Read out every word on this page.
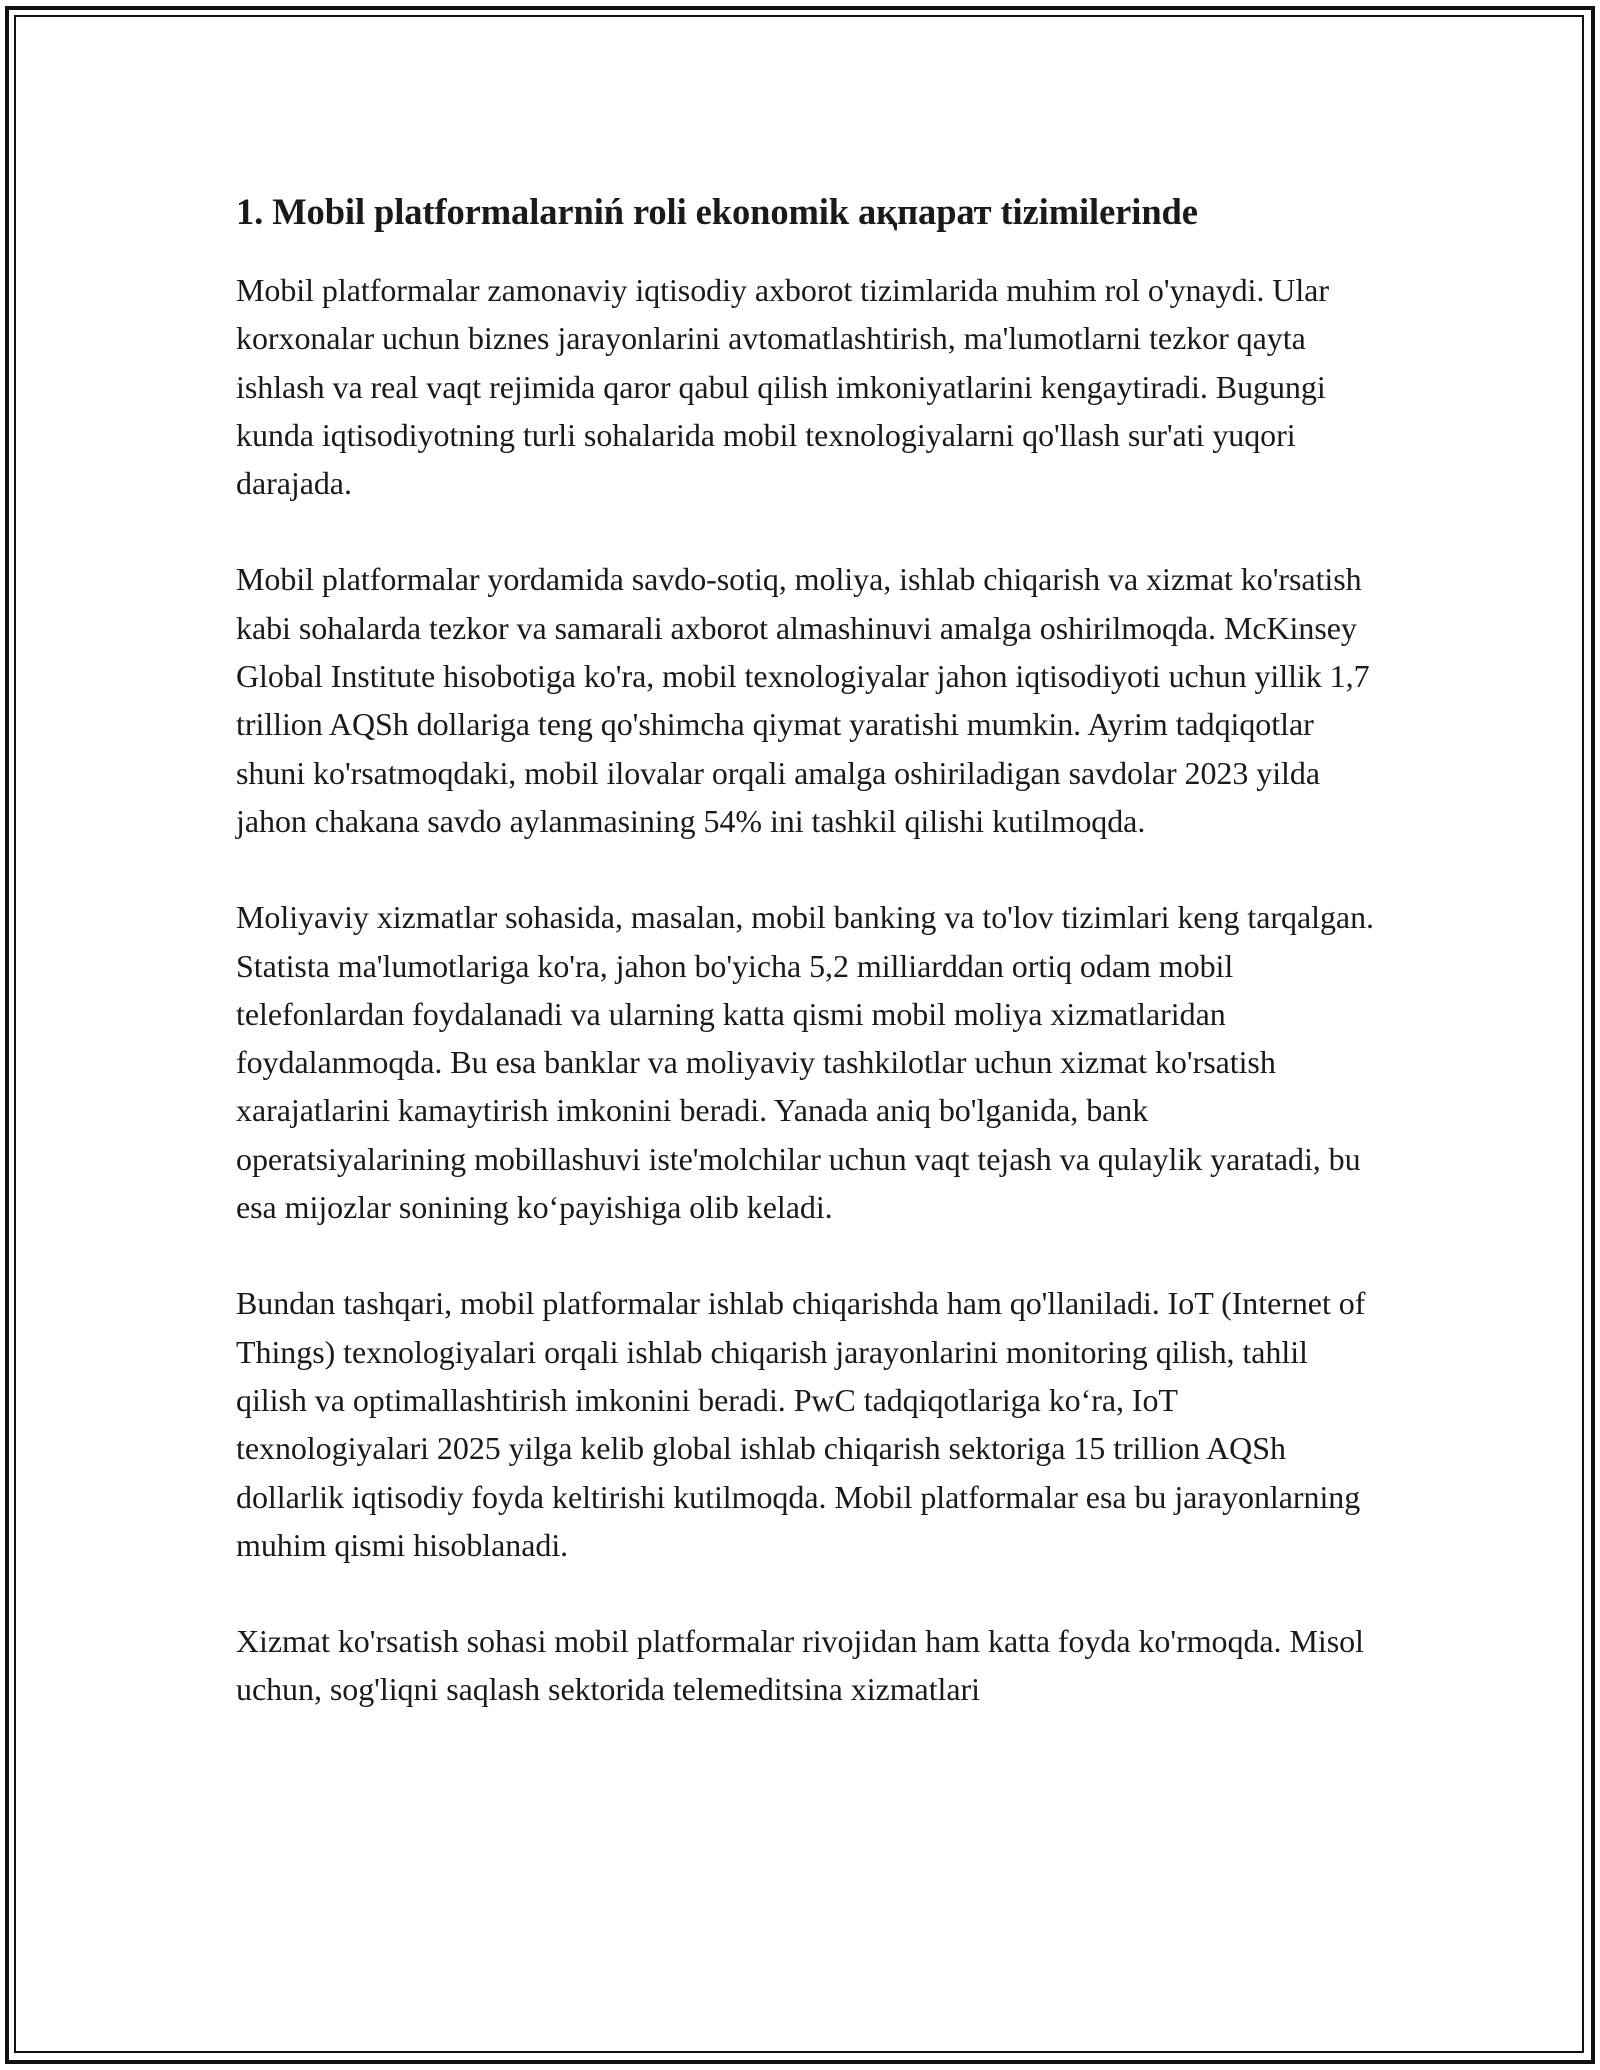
1. Mobil platformalarniń roli ekonomik aқпарат tizimilerinde

Mobil platformalar zamonaviy iqtisodiy axborot tizimlarida muhim rol o'ynaydi. Ular korxonalar uchun biznes jarayonlarini avtomatlashtirish, ma'lumotlarni tezkor qayta ishlash va real vaqt rejimida qaror qabul qilish imkoniyatlarini kengaytiradi. Bugungi kunda iqtisodiyotning turli sohalarida mobil texnologiyalarni qo'llash sur'ati yuqori darajada.

Mobil platformalar yordamida savdo-sotiq, moliya, ishlab chiqarish va xizmat ko'rsatish kabi sohalarda tezkor va samarali axborot almashinuvi amalga oshirilmoqda. McKinsey Global Institute hisobotiga ko'ra, mobil texnologiyalar jahon iqtisodiyoti uchun yillik 1,7 trillion AQSh dollariga teng qo'shimcha qiymat yaratishi mumkin. Ayrim tadqiqotlar shuni ko'rsatmoqdaki, mobil ilovalar orqali amalga oshiriladigan savdolar 2023 yilda jahon chakana savdo aylanmasining 54% ini tashkil qilishi kutilmoqda.

Moliyaviy xizmatlar sohasida, masalan, mobil banking va to'lov tizimlari keng tarqalgan. Statista ma'lumotlariga ko'ra, jahon bo'yicha 5,2 milliarddan ortiq odam mobil telefonlardan foydalanadi va ularning katta qismi mobil moliya xizmatlaridan foydalanmoqda. Bu esa banklar va moliyaviy tashkilotlar uchun xizmat ko'rsatish xarajatlarini kamaytirish imkonini beradi. Yanada aniq bo'lganida, bank operatsiyalarining mobillashuvi iste'molchilar uchun vaqt tejash va qulaylik yaratadi, bu esa mijozlar sonining ko‘payishiga olib keladi.

Bundan tashqari, mobil platformalar ishlab chiqarishda ham qo'llaniladi. IoT (Internet of Things) texnologiyalari orqali ishlab chiqarish jarayonlarini monitoring qilish, tahlil qilish va optimallashtirish imkonini beradi. PwC tadqiqotlariga ko‘ra, IoT texnologiyalari 2025 yilga kelib global ishlab chiqarish sektoriga 15 trillion AQSh dollarlik iqtisodiy foyda keltirishi kutilmoqda. Mobil platformalar esa bu jarayonlarning muhim qismi hisoblanadi.

Xizmat ko'rsatish sohasi mobil platformalar rivojidan ham katta foyda ko'rmoqda. Misol uchun, sog'liqni saqlash sektorida telemeditsina xizmatlari
